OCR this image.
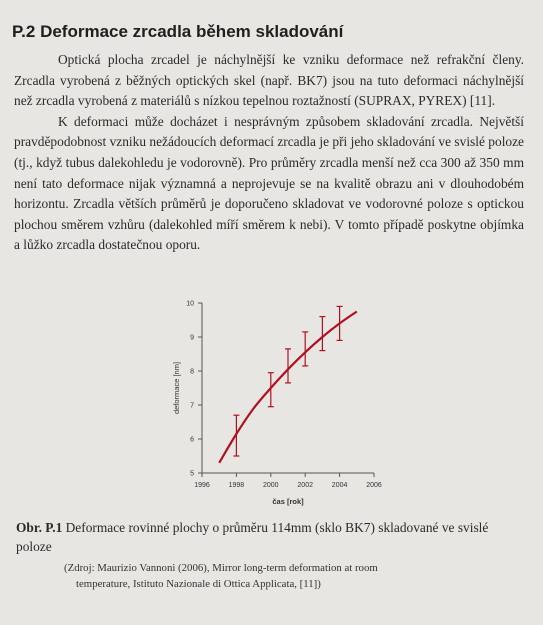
P.2 Deformace zrcadla během skladování

Optická plocha zrcadel je náchylnější ke vzniku deformace než refrakční členy. Zrcadla vyrobená z běžných optických skel (např. BK7) jsou na tuto deformaci náchylnější než zrcadla vyrobená z materiálů s nízkou tepelnou roztažností (SUPRAX, PYREX) [11].

K deformaci může docházet i nesprávným způsobem skladování zrcadla. Největší pravděpodobnost vzniku nežádoucích deformací zrcadla je při jeho skladování ve svislé poloze (tj., když tubus dalekohledu je vodorovně). Pro průměry zrcadla menší než cca 300 až 350 mm není tato deformace nijak významná a neprojevuje se na kvalitě obrazu ani v dlouhodobém horizontu. Zrcadla větších průměrů je doporučeno skladovat ve vodorovné poloze s optickou plochou směrem vzhůru (dalekohled míří směrem k nebi). V tomto případě poskytne objímka a lůžko zrcadla dostatečnou oporu.

1996	1998	2000	2002	2004	2006
5
6
7
8
9
10
čas [rok]
deformace [nm]
Obr. P.1 Deformace rovinné plochy o průměru 114mm (sklo BK7) skladované ve svislé poloze
(Zdroj: Maurizio Vannoni (2006), Mirror long-term deformation at room
temperature, Istituto Nazionale di Ottica Applicata, [11])
